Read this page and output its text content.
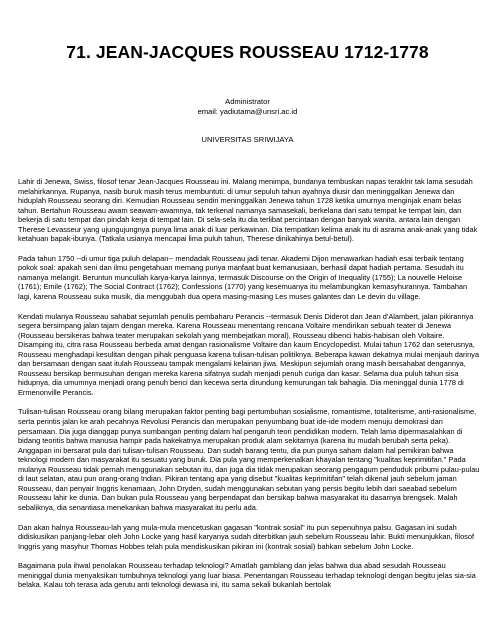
71. JEAN-JACQUES ROUSSEAU 1712-1778
Administrator
email: yadiutama@unsri.ac.id
UNIVERSITAS SRIWIJAYA

Lahir di Jenewa, Swiss, filosof tenar Jean-Jacques Rousseau ini. Malang menimpa, bundanya tembuskan napas teraklrir tak lama sesudah melahirkannya. Rupanya, nasib buruk masih terus membuntuti: di umur sepuluh tahun ayahnya diusir dan meninggalkan Jenewa dan hiduplah Rousseau seorang diri. Kemudian Rousseau sendiri meninggalkan Jenewa tahun 1728 ketika umurnya menginjak enam belas tahun. Bertahun Rousseau awam seawam-awamnya, tak terkenal namanya samasekali, berkelana dari satu tempat ke tempat lain, dan bekerja di satu tempat dan pindah kerja di tempat lain. Di sela-sela itu dia terlibat percintaan dengan banyak wanita. antara lain dengan Therese Levasseur yang ujungujungnya punya lima anak di luar perkawinan. Dia tempatkan kelima anak itu di asrama anak-anak yang tidak ketahuan bapak-ibunya. (Tatkala usianya mencapai lima puluh tahun, Therese dinikahinya betul-betul).

Pada tahun 1750 --di umur tiga puluh delapan-- mendadak Rousseau jadi tenar. Akademi Dijon menawarkan hadiah esai terbaik tentang pokok soal: apakah seni dan ilmu pengetahuan memang punya manfaat buat kemanusiaan, berhasil dapat hadiah pertama. Sesudah itu namanya melangit. Beruntun muncullah karya-karya lainnya, termasuk Discourse on the Origin of Inequality (1755); La nouvelle Heloise (1761); Emile (1762); The Social Contract (1762); Confessions (1770) yang kesemuanya itu melambungkan kemasyhurannya. Tambahan lagi, karena Rousseau suka musik, dia menggubah dua opera masing-masing Les muses galantes dan Le devin du village.

Kendati mulanya Rousseau sahabat sejumlah penulis pembaharu Perancis --termasuk Denis Diderot dan Jean d'Alambert, jalan pikirannya segera bersimpang jalan tajam dengan mereka. Karena Rousseau menentang rencana Voltaire mendirikan sebuah teater di Jenewa (Rousseau bersikeras bahwa teater merupakan sekolah yang membejatkan moral), Rousseau dibenci habis-habisan oleh Voltaire. Disamping itu, citra rasa Rousseau berbeda amat dengan rasionalisme Voltaire dan kaum Encyclopedist. Mulai tahun 1762 dan seterusnya, Rousseau menghadapi kesulitan dengan pihak penguasa karena tulisan-tulisan politiknya. Beberapa kawan dekatnya mulai menjauh darinya dan bersamaan dengan saat itulah Rousseau tampak mengalami kelainan jiwa. Meskipun sejumlah orang masih bersahabat dengannya, Rousseau bersikap bermusuhan dengan mereka karena sifatnya sudah menjadi penuh curiga dan kasar. Selama dua puluh tahun sisa hidupnya, dia umumnya menjadi orang penuh benci dan kecewa serta dirundung kemurungan tak bahagia. Dia meninggal dunia 1778 di Ermenonville Perancis.

Tulisan-tulisan Rousseau orang bilang merupakan faktor penting bagi pertumbuhan sosialisme, romantisme, totaliterisme, anti-rasionalisme, serta perintis jalan ke arah pecahnya Revolusi Perancis dan merupakan penyumbang buat ide-ide modern menuju demokrasi dan persamaan. Dia juga dianggap punya sumbangan penting dalam hal pengaruh teori pendidikan modern. Telah lama dipermasalahkan di bidang teoritis bahwa manusia hampir pada hakekatnya merupakan produk alam sekitarnya (karena itu mudah berubah serta peka). Anggapan ini bersarat pula dari tulisan-tulisan Rousseau. Dan sudah barang tentu, dia pun punya saham dalam hal pemikiran bahwa teknologi modern dan masyarakat itu sesuatu yang buruk. Dia pula yang memperkenalkan khayalan tentang "kualitas keprimitifan." Pada mulanya Rousseau tidak pernah menggunakan sebutan itu, dan juga dia tidak merupakan seorang pengagum penduduk pribumi pulau-pulau di laut selatan, atau pun orang-orang Indian. Pikiran tentang apa yang disebut "kualitas keprimitifan" telah dikenal jauh sebelum jaman Rousseau, dan penyair Inggris kenamaan, John Dryden, sudah menggunakan sebutan yang persis begitu lebih dari saeabad sebelum Rousseau lahir ke dunia. Dan bukan pula Rousseau yang berpendapat dan bersikap bahwa masyarakat itu dasarnya brengsek. Malah sebaliknya, dia senantiasa menekankan bahwa masyarakat itu perlu ada.

Dan akan halnya Rousseau-lah yang mula-mula mencetuskan gagasan "kontrak sosial" itu pun sepenuhnya palsu. Gagasan ini sudah didiskusikan panjang-lebar oleh John Locke yang hasil karyanya sudah diterbitkan jauh sebelum Rousseau lahir. Bukti menunjukkan, filosof Inggris yang masyhur Thomas Hobbes telah pula mendiskusikan pikiran ini (kontrak sosial) bahkan sebelum John Locke.

Bagaimana pula ihwal penolakan Rousseau terhadap teknologi? Amatlah gamblang dan jelas bahwa dua abad sesudah Rousseau meninggal dunia menyaksikan tumbuhnya teknologi yang luar biasa. Penentangan Rousseau terhadap teknologi dengan begitu jelas sia-sia belaka. Kalau toh terasa ada gerutu anti teknologi dewasa ini, itu sama sekali bukanlah bertolak
